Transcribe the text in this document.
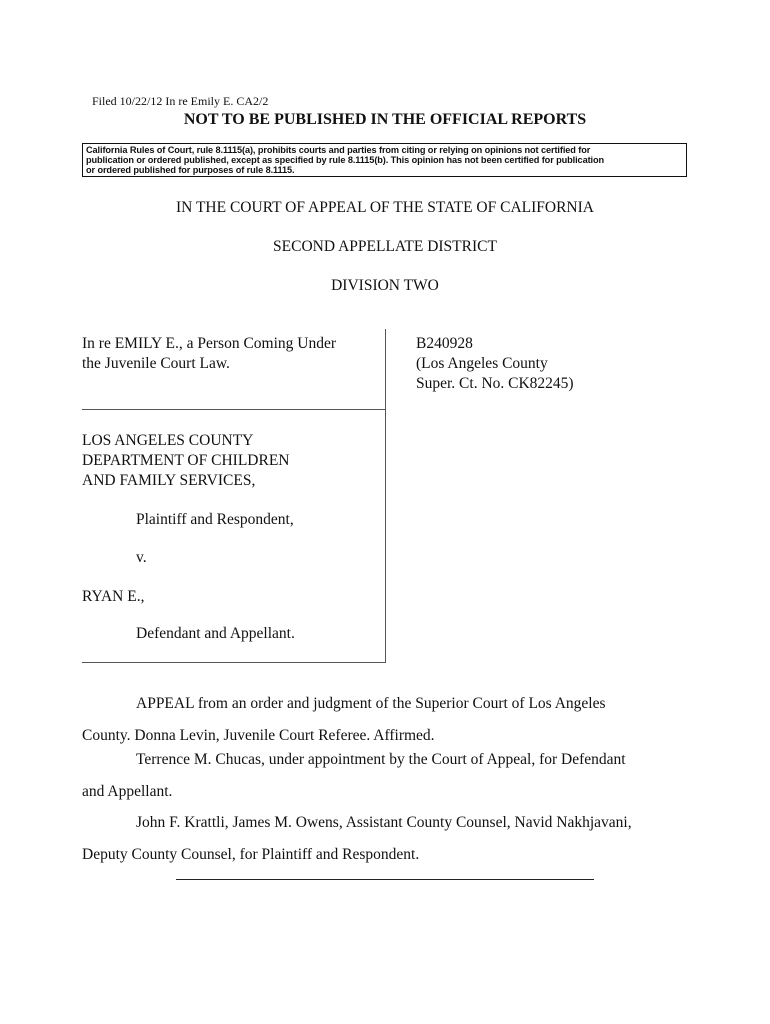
Filed 10/22/12 In re Emily E. CA2/2
NOT TO BE PUBLISHED IN THE OFFICIAL REPORTS
California Rules of Court, rule 8.1115(a), prohibits courts and parties from citing or relying on opinions not certified for
publication or ordered published, except as specified by rule 8.1115(b). This opinion has not been certified for publication
or ordered published for purposes of rule 8.1115.
IN THE COURT OF APPEAL OF THE STATE OF CALIFORNIA
SECOND APPELLATE DISTRICT
DIVISION TWO
In re EMILY E., a Person Coming Under
the Juvenile Court Law.
B240928
(Los Angeles County
Super. Ct. No. CK82245)
LOS ANGELES COUNTY
DEPARTMENT OF CHILDREN
AND FAMILY SERVICES,
Plaintiff and Respondent,
v.
RYAN E.,
Defendant and Appellant.
APPEAL from an order and judgment of the Superior Court of Los Angeles
County. Donna Levin, Juvenile Court Referee. Affirmed.
Terrence M. Chucas, under appointment by the Court of Appeal, for Defendant
and Appellant.
John F. Krattli, James M. Owens, Assistant County Counsel, Navid Nakhjavani,
Deputy County Counsel, for Plaintiff and Respondent.
